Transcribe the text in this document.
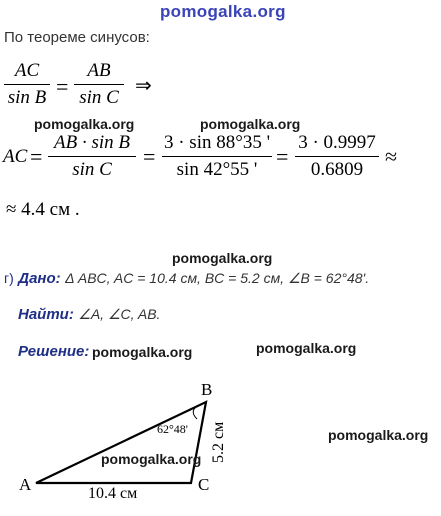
pomogalka.org
По теореме синусов:
AC
sin B =
AB
sin C
⇒
pomogalka.org	pomogalka.org
AC =
AB · sin B
sin C
=
3 · sin 88°35 '
sin 42°55 '
=
3 · 0.9997
0.6809
≈
≈ 4.4 см .
pomogalka.org
г) Дано: Δ ABC, AC = 10.4 см, BC = 5.2 см, ∠B = 62°48'.
Найти: ∠A, ∠C, AB.
Решение: pomogalka.org	pomogalka.org
A
B
C
10.4 см
62°48' 5.2 см
pomogalka.org
pomogalka.org
